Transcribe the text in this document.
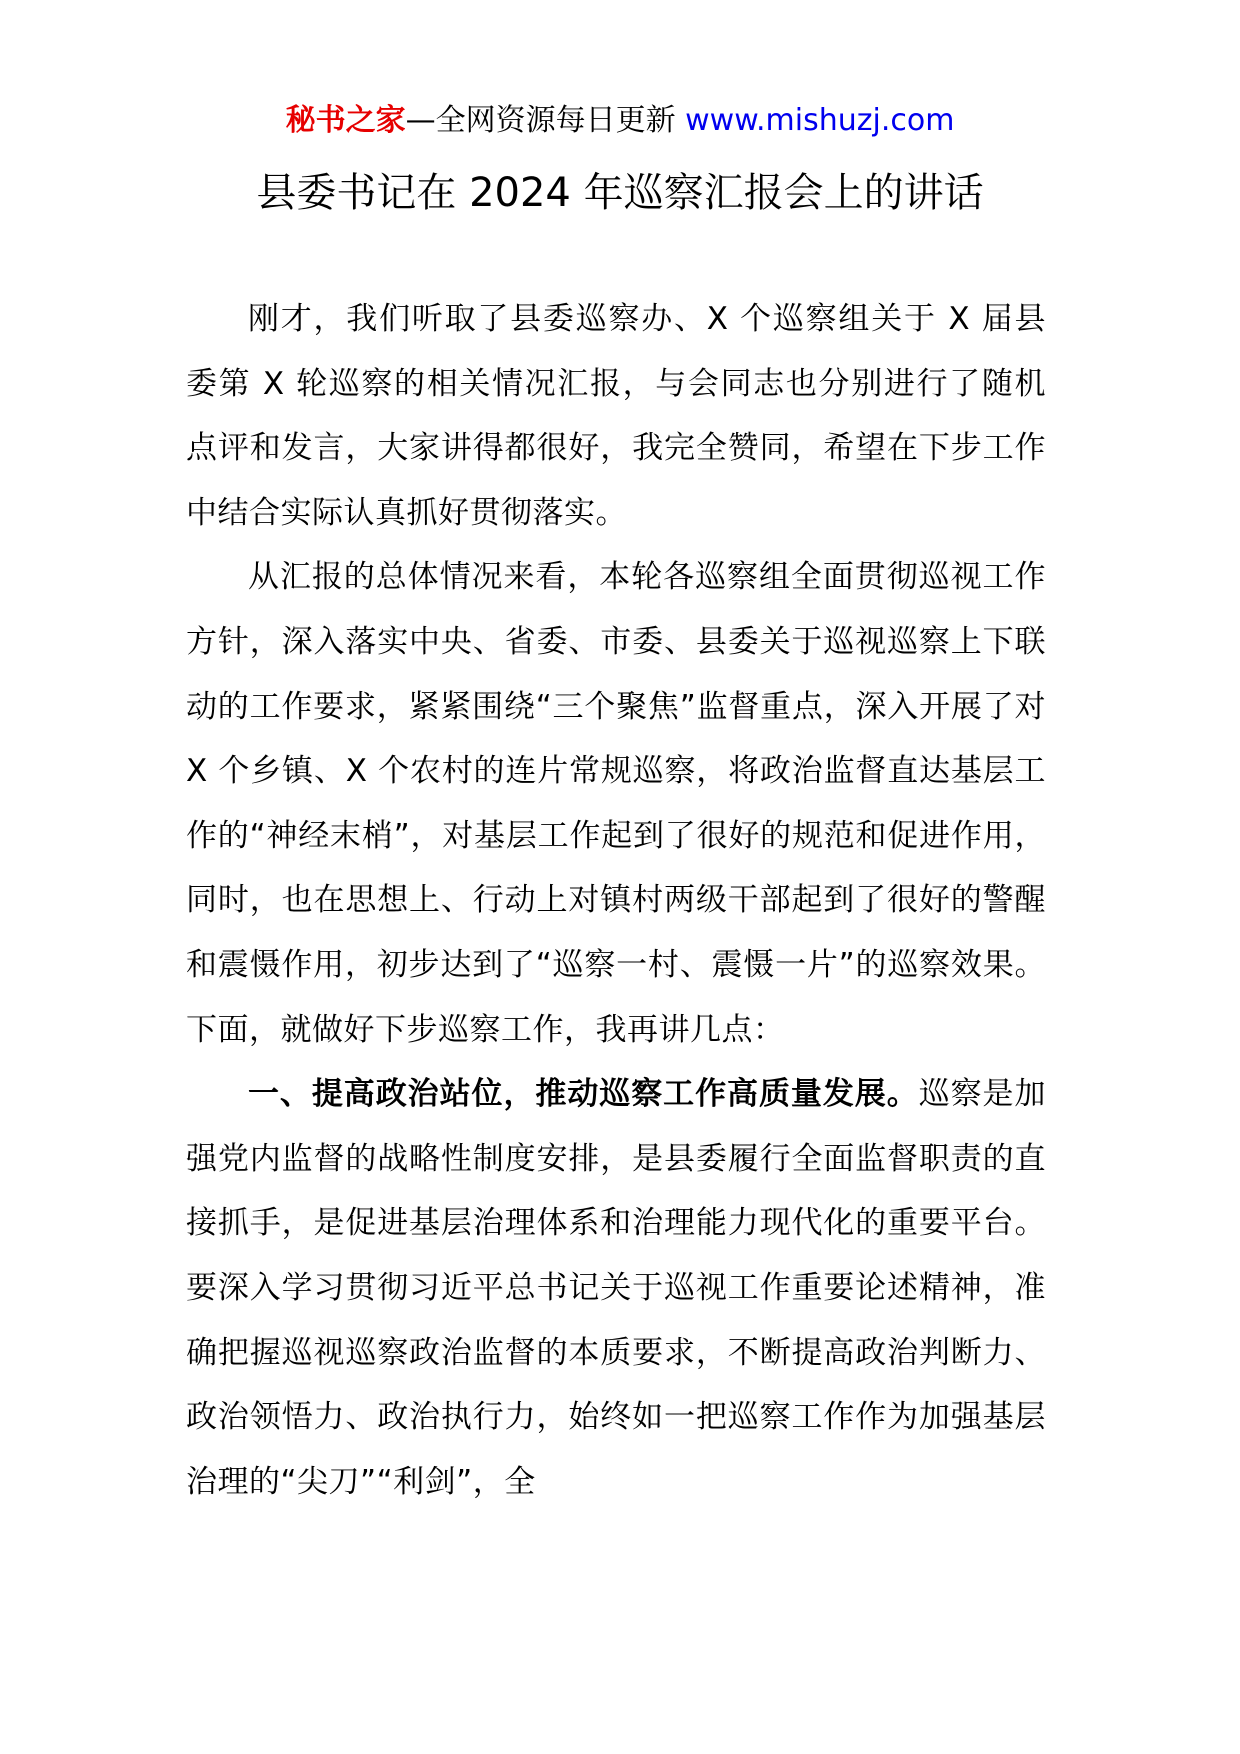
秘书之家—全网资源每日更新 www.mishuzj.com
县委书记在 2024 年巡察汇报会上的讲话

刚才，我们听取了县委巡察办、X 个巡察组关于 X 届县委第 X 轮巡察的相关情况汇报，与会同志也分别进行了随机点评和发言，大家讲得都很好，我完全赞同，希望在下步工作中结合实际认真抓好贯彻落实。

从汇报的总体情况来看，本轮各巡察组全面贯彻巡视工作方针，深入落实中央、省委、市委、县委关于巡视巡察上下联动的工作要求，紧紧围绕“三个聚焦”监督重点，深入开展了对 X 个乡镇、X 个农村的连片常规巡察，将政治监督直达基层工作的“神经末梢”，对基层工作起到了很好的规范和促进作用，同时，也在思想上、行动上对镇村两级干部起到了很好的警醒和震慑作用，初步达到了“巡察一村、震慑一片”的巡察效果。下面，就做好下步巡察工作，我再讲几点：

一、提高政治站位，推动巡察工作高质量发展。巡察是加强党内监督的战略性制度安排，是县委履行全面监督职责的直接抓手，是促进基层治理体系和治理能力现代化的重要平台。要深入学习贯彻习近平总书记关于巡视工作重要论述精神，准确把握巡视巡察政治监督的本质要求，不断提高政治判断力、政治领悟力、政治执行力，始终如一把巡察工作作为加强基层治理的“尖刀”“利剑”，全
